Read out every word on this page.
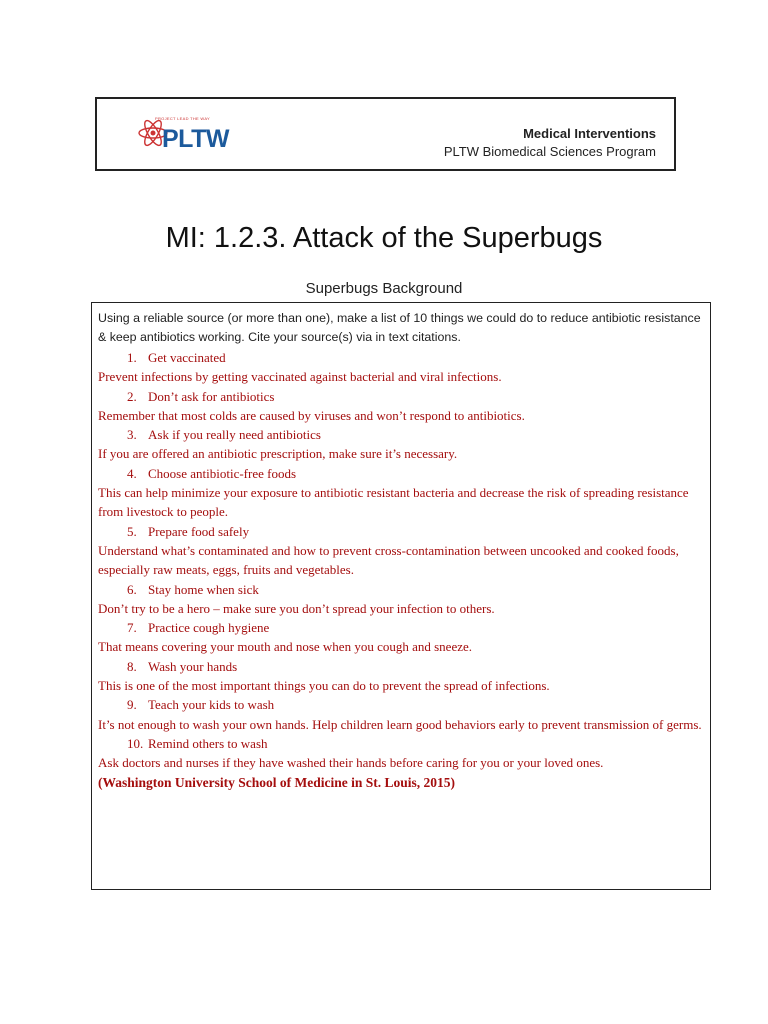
PROJECT LEAD THE WAY
PLTW	Medical Interventions
PLTW Biomedical Sciences Program
MI: 1.2.3. Attack of the Superbugs
Superbugs Background

Using a reliable source (or more than one), make a list of 10 things we could do to reduce antibiotic resistance & keep antibiotics working. Cite your source(s) via in text citations.

1. Get vaccinated
Prevent infections by getting vaccinated against bacterial and viral infections.
2. Don’t ask for antibiotics
Remember that most colds are caused by viruses and won’t respond to antibiotics.
3. Ask if you really need antibiotics
If you are offered an antibiotic prescription, make sure it’s necessary.
4. Choose antibiotic-free foods
This can help minimize your exposure to antibiotic resistant bacteria and decrease the risk of spreading resistance from livestock to people.
5. Prepare food safely
Understand what’s contaminated and how to prevent cross-contamination between uncooked and cooked foods, especially raw meats, eggs, fruits and vegetables.
6. Stay home when sick
Don’t try to be a hero – make sure you don’t spread your infection to others.
7. Practice cough hygiene
That means covering your mouth and nose when you cough and sneeze.
8. Wash your hands
This is one of the most important things you can do to prevent the spread of infections.
9. Teach your kids to wash
It’s not enough to wash your own hands. Help children learn good behaviors early to prevent transmission of germs.
10. Remind others to wash
Ask doctors and nurses if they have washed their hands before caring for you or your loved ones.
(Washington University School of Medicine in St. Louis, 2015)
